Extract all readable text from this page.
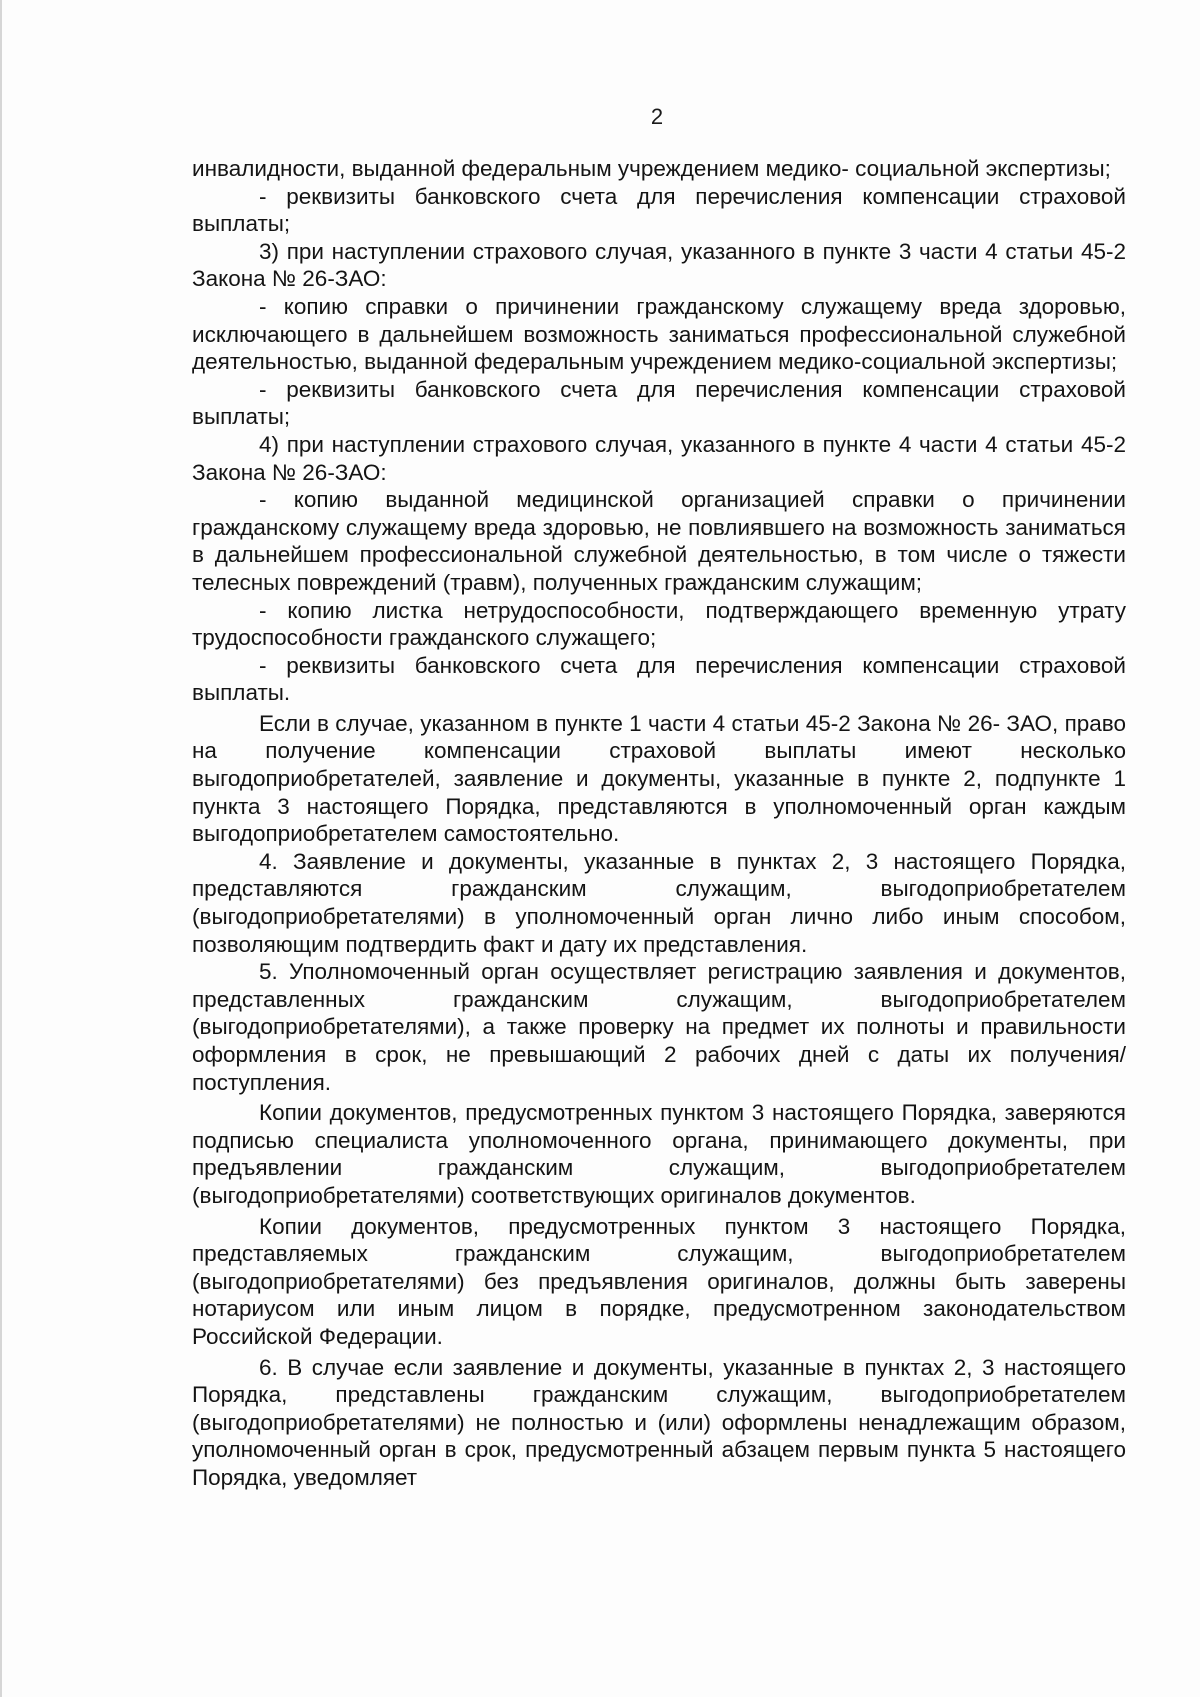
2

инвалидности, выданной федеральным учреждением медико- социальной экспертизы;

- реквизиты банковского счета для перечисления компенсации страховой выплаты;

3) при наступлении страхового случая, указанного в пункте 3 части 4 статьи 45-2 Закона № 26-ЗАО:

- копию справки о причинении гражданскому служащему вреда здоровью, исключающего в дальнейшем возможность заниматься профессиональной служебной деятельностью, выданной федеральным учреждением медико-социальной экспертизы;

- реквизиты банковского счета для перечисления компенсации страховой выплаты;

4) при наступлении страхового случая, указанного в пункте 4 части 4 статьи 45-2 Закона № 26-ЗАО:

- копию выданной медицинской организацией справки о причинении гражданскому служащему вреда здоровью, не повлиявшего на возможность заниматься в дальнейшем профессиональной служебной деятельностью, в том числе о тяжести телесных повреждений (травм), полученных гражданским служащим;

- копию листка нетрудоспособности, подтверждающего временную утрату трудоспособности гражданского служащего;

- реквизиты банковского счета для перечисления компенсации страховой выплаты.

Если в случае, указанном в пункте 1 части 4 статьи 45-2 Закона № 26- ЗАО, право на получение компенсации страховой выплаты имеют несколько выгодоприобретателей, заявление и документы, указанные в пункте 2, подпункте 1 пункта 3 настоящего Порядка, представляются в уполномоченный орган каждым выгодоприобретателем самостоятельно.

4. Заявление и документы, указанные в пунктах 2, 3 настоящего Порядка, представляются гражданским служащим, выгодоприобретателем (выгодоприобретателями) в уполномоченный орган лично либо иным способом, позволяющим подтвердить факт и дату их представления.

5. Уполномоченный орган осуществляет регистрацию заявления и документов, представленных гражданским служащим, выгодоприобретателем (выгодоприобретателями), а также проверку на предмет их полноты и правильности оформления в срок, не превышающий 2 рабочих дней с даты их получения/поступления.

Копии документов, предусмотренных пунктом 3 настоящего Порядка, заверяются подписью специалиста уполномоченного органа, принимающего документы, при предъявлении гражданским служащим, выгодоприобретателем (выгодоприобретателями) соответствующих оригиналов документов.

Копии документов, предусмотренных пунктом 3 настоящего Порядка, представляемых гражданским служащим, выгодоприобретателем (выгодоприобретателями) без предъявления оригиналов, должны быть заверены нотариусом или иным лицом в порядке, предусмотренном законодательством Российской Федерации.

6. В случае если заявление и документы, указанные в пунктах 2, 3 настоящего Порядка, представлены гражданским служащим, выгодоприобретателем (выгодоприобретателями) не полностью и (или) оформлены ненадлежащим образом, уполномоченный орган в срок, предусмотренный абзацем первым пункта 5 настоящего Порядка, уведомляет
